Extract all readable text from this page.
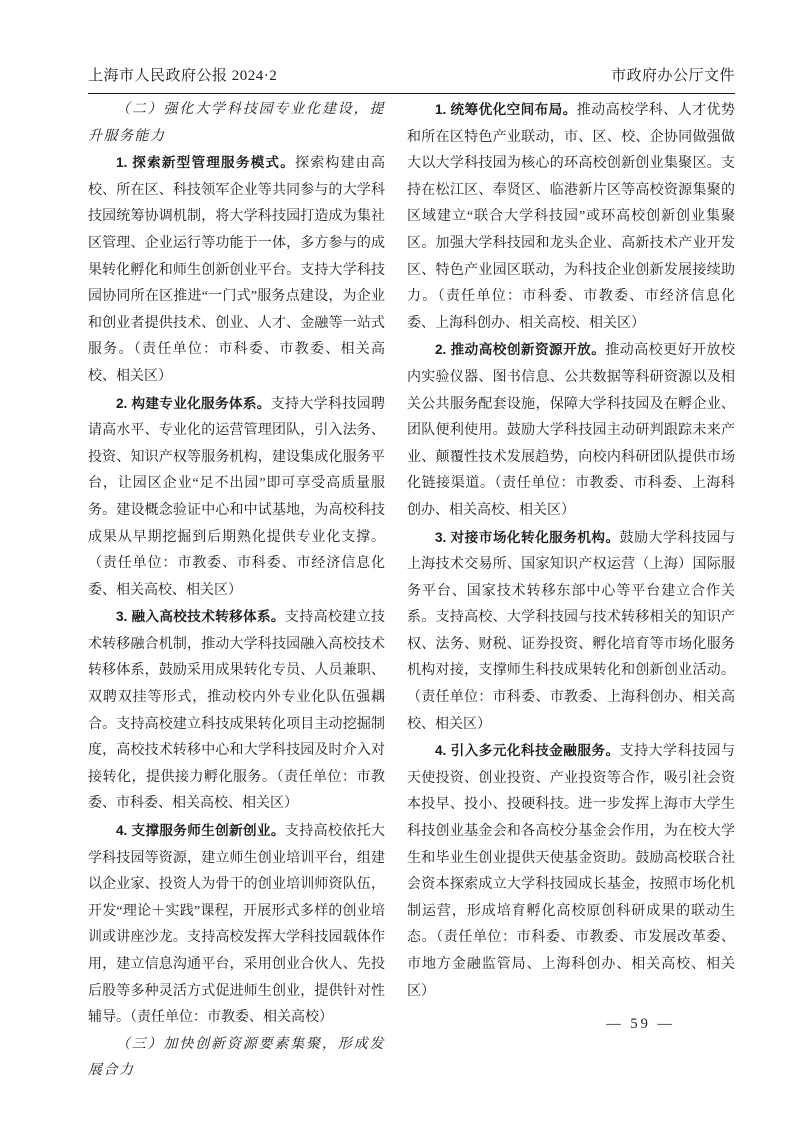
上海市人民政府公报 2024·2	市政府办公厅文件

（二）强化大学科技园专业化建设，提升服务能力

1. 探索新型管理服务模式。探索构建由高校、所在区、科技领军企业等共同参与的大学科技园统筹协调机制，将大学科技园打造成为集社区管理、企业运行等功能于一体，多方参与的成果转化孵化和师生创新创业平台。支持大学科技园协同所在区推进“一门式”服务点建设，为企业和创业者提供技术、创业、人才、金融等一站式服务。（责任单位：市科委、市教委、相关高校、相关区）

2. 构建专业化服务体系。支持大学科技园聘请高水平、专业化的运营管理团队，引入法务、投资、知识产权等服务机构，建设集成化服务平台，让园区企业“足不出园”即可享受高质量服务。建设概念验证中心和中试基地，为高校科技成果从早期挖掘到后期熟化提供专业化支撑。（责任单位：市教委、市科委、市经济信息化委、相关高校、相关区）

3. 融入高校技术转移体系。支持高校建立技术转移融合机制，推动大学科技园融入高校技术转移体系，鼓励采用成果转化专员、人员兼职、双聘双挂等形式，推动校内外专业化队伍强耦合。支持高校建立科技成果转化项目主动挖掘制度，高校技术转移中心和大学科技园及时介入对接转化，提供接力孵化服务。（责任单位：市教委、市科委、相关高校、相关区）

4. 支撑服务师生创新创业。支持高校依托大学科技园等资源，建立师生创业培训平台，组建以企业家、投资人为骨干的创业培训师资队伍，开发“理论＋实践”课程，开展形式多样的创业培训或讲座沙龙。支持高校发挥大学科技园载体作用，建立信息沟通平台，采用创业合伙人、先投后股等多种灵活方式促进师生创业，提供针对性辅导。（责任单位：市教委、相关高校）

（三）加快创新资源要素集聚，形成发展合力

1. 统筹优化空间布局。推动高校学科、人才优势和所在区特色产业联动，市、区、校、企协同做强做大以大学科技园为核心的环高校创新创业集聚区。支持在松江区、奉贤区、临港新片区等高校资源集聚的区域建立“联合大学科技园”或环高校创新创业集聚区。加强大学科技园和龙头企业、高新技术产业开发区、特色产业园区联动，为科技企业创新发展接续助力。（责任单位：市科委、市教委、市经济信息化委、上海科创办、相关高校、相关区）

2. 推动高校创新资源开放。推动高校更好开放校内实验仪器、图书信息、公共数据等科研资源以及相关公共服务配套设施，保障大学科技园及在孵企业、团队便利使用。鼓励大学科技园主动研判跟踪未来产业、颠覆性技术发展趋势，向校内科研团队提供市场化链接渠道。（责任单位：市教委、市科委、上海科创办、相关高校、相关区）

3. 对接市场化转化服务机构。鼓励大学科技园与上海技术交易所、国家知识产权运营（上海）国际服务平台、国家技术转移东部中心等平台建立合作关系。支持高校、大学科技园与技术转移相关的知识产权、法务、财税、证券投资、孵化培育等市场化服务机构对接，支撑师生科技成果转化和创新创业活动。（责任单位：市科委、市教委、上海科创办、相关高校、相关区）

4. 引入多元化科技金融服务。支持大学科技园与天使投资、创业投资、产业投资等合作，吸引社会资本投早、投小、投硬科技。进一步发挥上海市大学生科技创业基金会和各高校分基金会作用，为在校大学生和毕业生创业提供天使基金资助。鼓励高校联合社会资本探索成立大学科技园成长基金，按照市场化机制运营，形成培育孵化高校原创科研成果的联动生态。（责任单位：市科委、市教委、市发展改革委、市地方金融监管局、上海科创办、相关高校、相关区）

— 59 —
